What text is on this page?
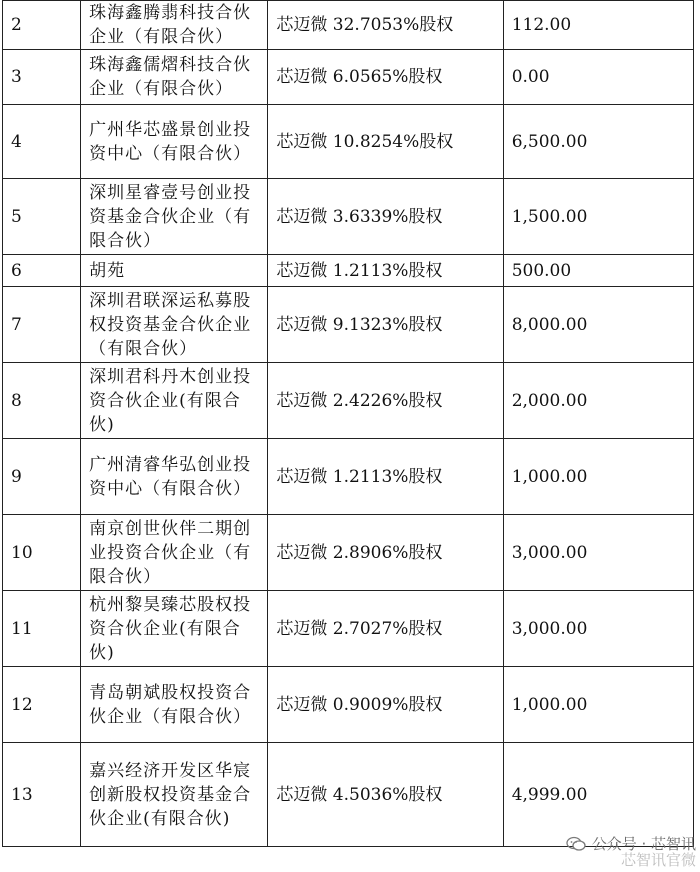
2	珠海鑫腾翡科技合伙企业（有限合伙）	芯迈微 32.7053%股权	112.00
3	珠海鑫儒熠科技合伙企业（有限合伙）	芯迈微 6.0565%股权	0.00
4	广州华芯盛景创业投资中心（有限合伙）	芯迈微 10.8254%股权	6,500.00
5	深圳星睿壹号创业投资基金合伙企业（有限合伙）	芯迈微 3.6339%股权	1,500.00
6	胡苑	芯迈微 1.2113%股权	500.00
7	深圳君联深运私募股权投资基金合伙企业（有限合伙）	芯迈微 9.1323%股权	8,000.00
8	深圳君科丹木创业投资合伙企业(有限合伙)	芯迈微 2.4226%股权	2,000.00
9	广州清睿华弘创业投资中心（有限合伙）	芯迈微 1.2113%股权	1,000.00
10	南京创世伙伴二期创业投资合伙企业（有限合伙）	芯迈微 2.8906%股权	3,000.00
11	杭州黎昊臻芯股权投资合伙企业(有限合伙)	芯迈微 2.7027%股权	3,000.00
12	青岛朝斌股权投资合伙企业（有限合伙）	芯迈微 0.9009%股权	1,000.00
13	嘉兴经济开发区华宸创新股权投资基金合伙企业(有限合伙)	芯迈微 4.5036%股权	4,999.00
公众号 · 芯智讯
芯智讯官微
